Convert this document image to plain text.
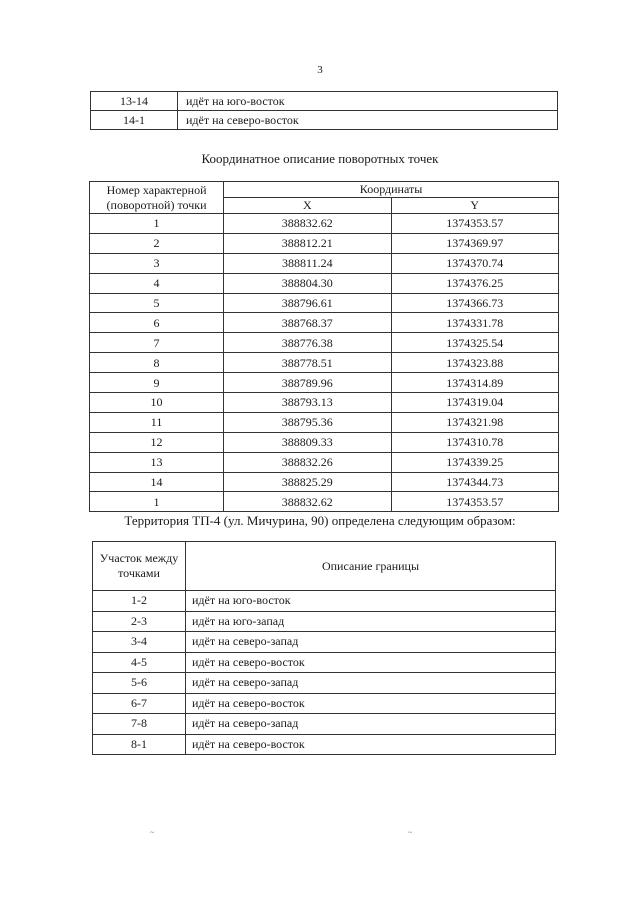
3
13-14	идёт на юго-восток
14-1	идёт на северо-восток
Координатное описание поворотных точек
Номер характерной (поворотной) точки	Координаты	
	X	Y
1	388832.62	1374353.57
2	388812.21	1374369.97
3	388811.24	1374370.74
4	388804.30	1374376.25
5	388796.61	1374366.73
6	388768.37	1374331.78
7	388776.38	1374325.54
8	388778.51	1374323.88
9	388789.96	1374314.89
10	388793.13	1374319.04
11	388795.36	1374321.98
12	388809.33	1374310.78
13	388832.26	1374339.25
14	388825.29	1374344.73
1	388832.62	1374353.57
Территория ТП-4 (ул. Мичурина, 90) определена следующим образом:
Участок между точками	Описание границы
1-2	идёт на юго-восток
2-3	идёт на юго-запад
3-4	идёт на северо-запад
4-5	идёт на северо-восток
5-6	идёт на северо-запад
6-7	идёт на северо-восток
7-8	идёт на северо-запад
8-1	идёт на северо-восток
~	~
